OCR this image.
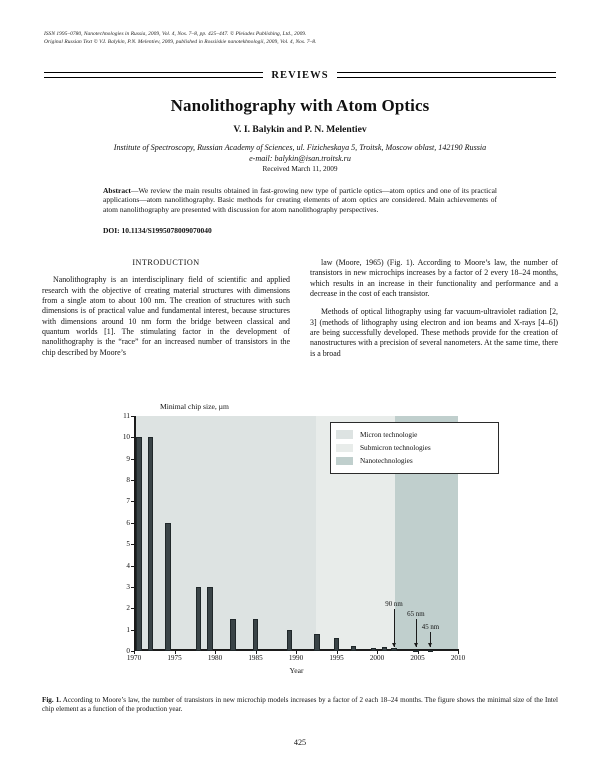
ISSN 1995–0780, Nanotechnologies in Russia, 2009, Vol. 4, Nos. 7–8, pp. 425–447. © Pleiades Publishing, Ltd., 2009.
Original Russian Text © V.I. Balykin, P.N. Melentiev, 2009, published in Rossiiskie nanotekhnologii, 2009, Vol. 4, Nos. 7–8.
REVIEWS
Nanolithography with Atom Optics
V. I. Balykin and P. N. Melentiev
Institute of Spectroscopy, Russian Academy of Sciences, ul. Fizicheskaya 5, Troitsk, Moscow oblast, 142190 Russia
e-mail: balykin@isan.troitsk.ru
Received March 11, 2009
Abstract—We review the main results obtained in fast-growing new type of particle optics—atom optics and one of its practical applications—atom nanolithography. Basic methods for creating elements of atom optics are considered. Main achievements of atom nanolithography are presented with discussion for atom nanolithography perspectives.
DOI: 10.1134/S1995078009070040
INTRODUCTION

Nanolithography is an interdisciplinary field of scientific and applied research with the objective of creating material structures with dimensions from a single atom to about 100 nm. The creation of structures with such dimensions is of practical value and fundamental interest, because structures with dimensions around 10 nm form the bridge between classical and quantum worlds [1]. The stimulating factor in the development of nanolithography is the “race” for an increased number of transistors in the chip described by Moore’s

law (Moore, 1965) (Fig. 1). According to Moore’s law, the number of transistors in new microchips increases by a factor of 2 every 18–24 months, which results in an increase in their functionality and performance and a decrease in the cost of each transistor.

Methods of optical lithography using far vacuum-ultraviolet radiation [2, 3] (methods of lithography using electron and ion beams and X-rays [4–6]) are being successfully developed. These methods provide for the creation of nanostructures with a precision of several nanometers. At the same time, there is a broad

Minimal chip size, µm
0
1
2
3
4
5
6
7
8
9
10
11
1970	1975	1980	1985	1990	1995	2000	2005	2010
90 nm
65 nm
45 nm
Year
Micron technologie
Submicron technologies
Nanotechnologies
Fig. 1. According to Moore’s law, the number of transistors in new microchip models increases by a factor of 2 each 18–24 months. The figure shows the minimal size of the Intel chip element as a function of the production year.
425
